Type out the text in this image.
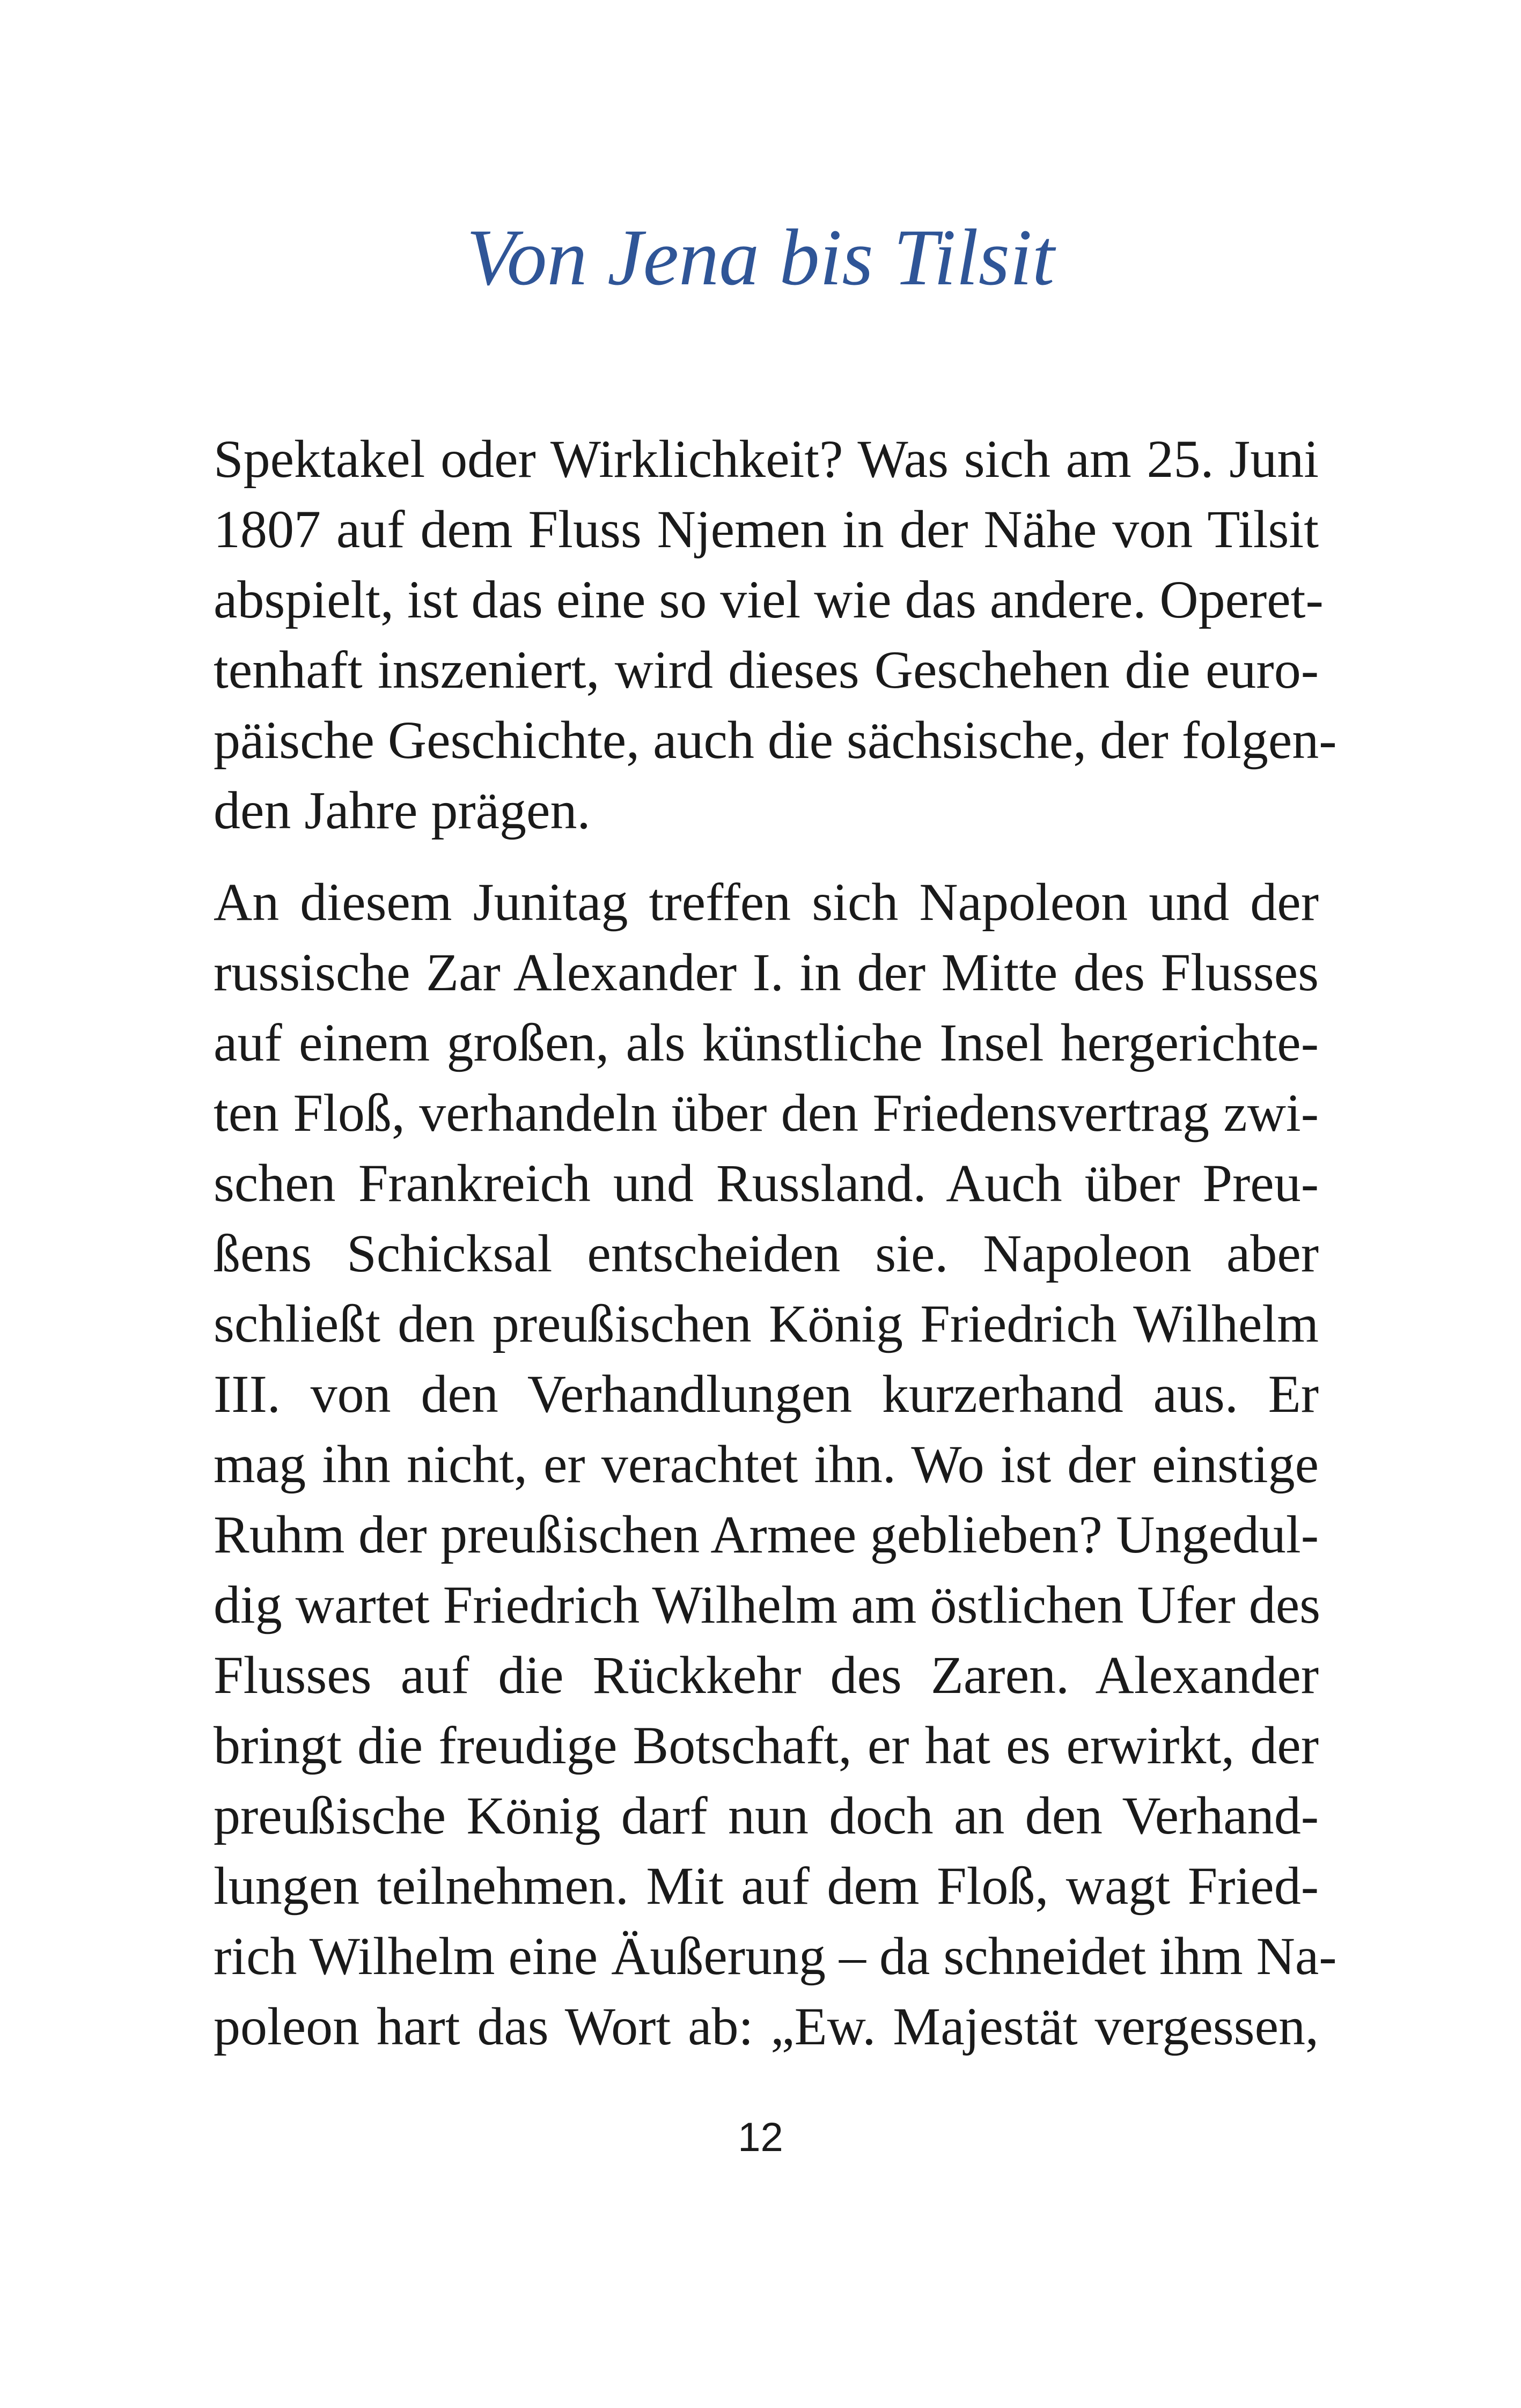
Von Jena bis Tilsit

Spektakel oder Wirklichkeit? Was sich am 25. Juni
1807 auf dem Fluss Njemen in der Nähe von Tilsit
abspielt, ist das eine so viel wie das andere. Operet-
tenhaft inszeniert, wird dieses Geschehen die euro-
päische Geschichte, auch die sächsische, der folgen-
den Jahre prägen.

An diesem Junitag treffen sich Napoleon und der
russische Zar Alexander I. in der Mitte des Flusses
auf einem großen, als künstliche Insel hergerichte-
ten Floß, verhandeln über den Friedensvertrag zwi-
schen Frankreich und Russland. Auch über Preu-
ßens Schicksal entscheiden sie. Napoleon aber
schließt den preußischen König Friedrich Wilhelm
III. von den Verhandlungen kurzerhand aus. Er
mag ihn nicht, er verachtet ihn. Wo ist der einstige
Ruhm der preußischen Armee geblieben? Ungedul-
dig wartet Friedrich Wilhelm am östlichen Ufer des
Flusses auf die Rückkehr des Zaren. Alexander
bringt die freudige Botschaft, er hat es erwirkt, der
preußische König darf nun doch an den Verhand-
lungen teilnehmen. Mit auf dem Floß, wagt Fried-
rich Wilhelm eine Äußerung – da schneidet ihm Na-
poleon hart das Wort ab: „Ew. Majestät vergessen,

12
